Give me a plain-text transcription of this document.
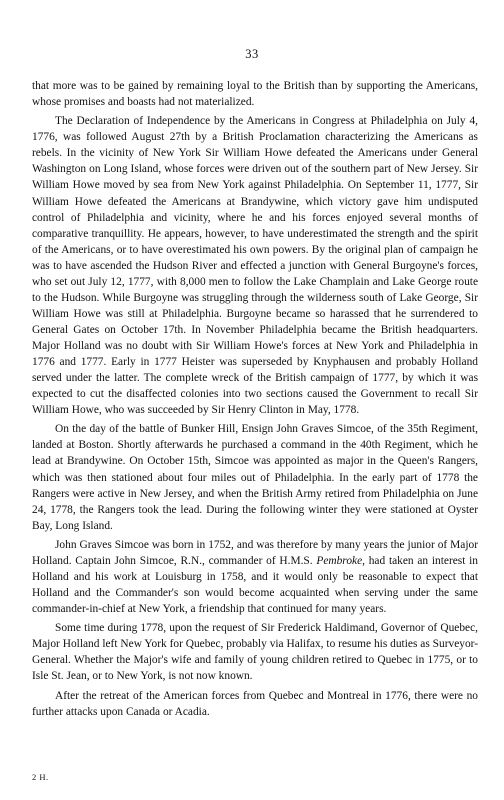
33

that more was to be gained by remaining loyal to the British than by supporting the Americans, whose promises and boasts had not materialized.

The Declaration of Independence by the Americans in Congress at Philadelphia on July 4, 1776, was followed August 27th by a British Proclamation characterizing the Americans as rebels. In the vicinity of New York Sir William Howe defeated the Americans under General Washington on Long Island, whose forces were driven out of the southern part of New Jersey. Sir William Howe moved by sea from New York against Philadelphia. On September 11, 1777, Sir William Howe defeated the Americans at Brandywine, which victory gave him undisputed control of Philadelphia and vicinity, where he and his forces enjoyed several months of comparative tranquillity. He appears, however, to have underestimated the strength and the spirit of the Americans, or to have overestimated his own powers. By the original plan of campaign he was to have ascended the Hudson River and effected a junction with General Burgoyne's forces, who set out July 12, 1777, with 8,000 men to follow the Lake Champlain and Lake George route to the Hudson. While Burgoyne was struggling through the wilderness south of Lake George, Sir William Howe was still at Philadelphia. Burgoyne became so harassed that he surrendered to General Gates on October 17th. In November Philadelphia became the British headquarters. Major Holland was no doubt with Sir William Howe's forces at New York and Philadelphia in 1776 and 1777. Early in 1777 Heister was superseded by Knyphausen and probably Holland served under the latter. The complete wreck of the British campaign of 1777, by which it was expected to cut the disaffected colonies into two sections caused the Government to recall Sir William Howe, who was succeeded by Sir Henry Clinton in May, 1778.

On the day of the battle of Bunker Hill, Ensign John Graves Simcoe, of the 35th Regiment, landed at Boston. Shortly afterwards he purchased a command in the 40th Regiment, which he lead at Brandywine. On October 15th, Simcoe was appointed as major in the Queen's Rangers, which was then stationed about four miles out of Philadelphia. In the early part of 1778 the Rangers were active in New Jersey, and when the British Army retired from Philadelphia on June 24, 1778, the Rangers took the lead. During the following winter they were stationed at Oyster Bay, Long Island.

John Graves Simcoe was born in 1752, and was therefore by many years the junior of Major Holland. Captain John Simcoe, R.N., commander of H.M.S. Pembroke, had taken an interest in Holland and his work at Louisburg in 1758, and it would only be reasonable to expect that Holland and the Commander's son would become acquainted when serving under the same commander-in-chief at New York, a friendship that continued for many years.

Some time during 1778, upon the request of Sir Frederick Haldimand, Governor of Quebec, Major Holland left New York for Quebec, probably via Halifax, to resume his duties as Surveyor-General. Whether the Major's wife and family of young children retired to Quebec in 1775, or to Isle St. Jean, or to New York, is not now known.

After the retreat of the American forces from Quebec and Montreal in 1776, there were no further attacks upon Canada or Acadia.

2 H.
